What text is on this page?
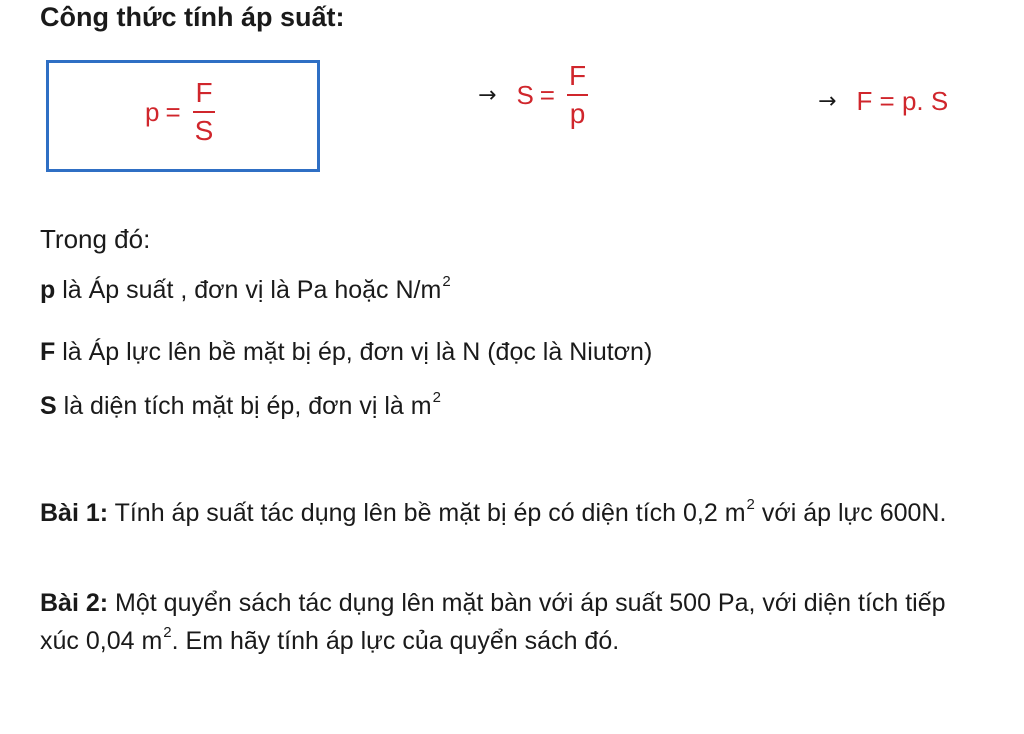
Công thức tính áp suất:
$p = \frac{F}{S}$	→ $S = \frac{F}{p}$	→ F = p. S
Trong đó:
p là Áp suất , đơn vị là Pa hoặc $N/m^2$
F là Áp lực lên bề mặt bị ép, đơn vị là N (đọc là Niutơn)
S là diện tích mặt bị ép, đơn vị là $m^2$
Bài 1: Tính áp suất tác dụng lên bề mặt bị ép có diện tích 0,2 $m^2$ với áp lực 600N.
Bài 2: Một quyển sách tác dụng lên mặt bàn với áp suất 500 Pa, với diện tích tiếp xúc 0,04 $m^2$. Em hãy tính áp lực của quyển sách đó.
